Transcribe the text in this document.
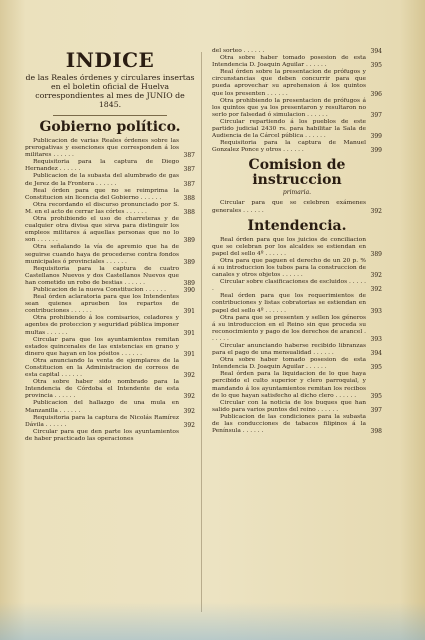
INDICE
de las Reales órdenes y circulares insertas en el boletin oficial de Huelva correspondientes al mes de JUNIO de 1845.
Gobierno político.

Publicacion de varias Reales órdenes sobre las prerogativas y esenciones que corresponden á los militares . . . . . .	387

Requisitoria para la captura de Diego Hernandez . . . . . .	387

Publicacion de la subasta del alumbrado de gas de Jerez de la Frontera . . . . . .	387

Real órden para que no se reimprima la Constitucion sin licencia del Gobierno . . . . . .	388

Otra recordando el discurso pronunciado por S. M. en el acto de cerrar las córtes . . . . . .	388

Otra prohibiendo el uso de charreteras y de cualquier otra divisa que sirva para distinguir los empleos militares á aquellas personas que no lo son . . . . . .	389

Otra señalando la vía de apremio que ha de seguirse cuando haya de procederse contra fondos municipales ó provinciales . . . . . .	389

Requisitoria para la captura de cuatro Castellanos Nuevos y dos Castellanos Nuevos que han cometido un robo de bestias . . . . . .	389

Publicacion de la nueva Constitucion . . . . . .	390

Real órden aclaratoria para que los Intendentes sean quienes aprueben los repartos de contribuciones . . . . . .	391

Otra prohibiendo á los comisarios, celadores y agentes de proteccion y seguridad pública imponer multas . . . . . .	391

Circular para que los ayuntamientos remitan estados quincenales de las existencias en grano y dinero que hayan en los pósitos . . . . . .	391

Otra anunciando la venta de ejemplares de la Constitucion en la Administracion de correos de esta capital . . . . . .	392

Otra sobre haber sido nombrado para la Intendencia de Córdoba el Intendente de esta provincia . . . . . .	392

Publicacion del hallazgo de una mula en Manzanilla . . . . . .	392

Requisitoria para la captura de Nicolás Ramírez Dávila . . . . . .	392

Circular para que den parte los ayuntamientos de haber practicado las operaciones

del sorteo . . . . . .	394

Otra sobre haber tomado posesion de esta Intendencia D. Joaquin Aguilar . . . . . .	395

Real órden sobre la presentacion de prófugos y circunstancias que deben concurrir para que pueda aprovechar su aprehension á los quintos que los presenten . . . . . .	396

Otra prohibiendo la presentacion de prófugos á los quintos que ya los presentaron y resultaron no serlo por falsedad ó simulacion . . . . . .	397

Circular repartiendo á los pueblos de este partido judicial 2430 rs. para habilitar la Sala de Audiencia de la Cárcel pública . . . . . .	399

Requisitoria para la captura de Manuel Gonzalez Ponce y otros . . . . . .	399

Comision de instruccion
primaria.

Circular para que se celebren exámenes generales . . . . . .	392

Intendencia.

Real órden para que los juicios de conciliacion que se celebran por los alcaldes se estiendan en papel del sello 4º . . . . . .	389

Otra para que paguen el derecho de un 20 p. % á su introduccion los tubos para la construccion de canales y otros objetos . . . . . .	392

Circular sobre clasificaciones de escluidos . . . . . .	392

Real órden para que los requerimientos de contribuciones y listas cobratorias se estiendan en papel del sello 4º . . . . . .	393

Otra para que se presenten y sellen los géneros á su introduccion en el Reino sin que proceda su reconocimiento y pago de los derechos de arancel . . . . . .	393

Circular anunciando haberse recibido libranzas para el pago de una mensualidad . . . . . .	394

Otra sobre haber tomado posesion de esta Intendencia D. Joaquin Aguilar . . . . . .	395

Real órden para la liquidacion de lo que haya percibido el culto superior y clero parroquial, y mandando á los ayuntamientos remitan los recibos de lo que hayan satisfecho al dicho clero . . . . . .	395

Circular con la noticia de los buques que han salido para varios puntos del reino . . . . . .	397

Publicacion de las condiciones para la subasta de las conducciones de tabacos filipinos á la Península . . . . . .	398
